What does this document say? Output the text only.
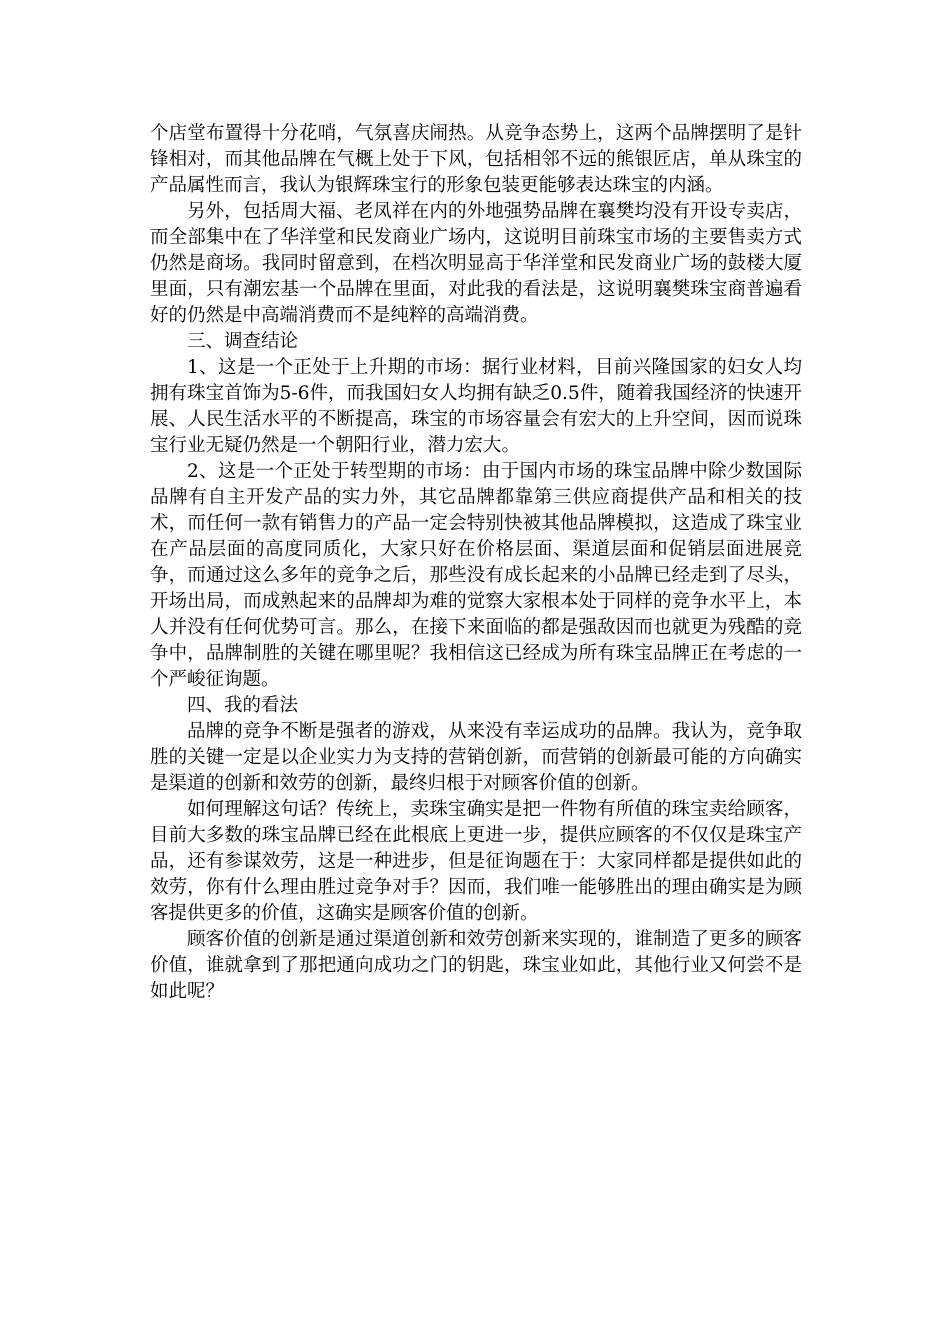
个店堂布置得十分花哨，气氛喜庆闹热。从竞争态势上，这两个品牌摆明了是针锋相对，而其他品牌在气概上处于下风，包括相邻不远的熊银匠店，单从珠宝的产品属性而言，我认为银辉珠宝行的形象包装更能够表达珠宝的内涵。

另外，包括周大福、老凤祥在内的外地强势品牌在襄樊均没有开设专卖店，而全部集中在了华洋堂和民发商业广场内，这说明目前珠宝市场的主要售卖方式仍然是商场。我同时留意到，在档次明显高于华洋堂和民发商业广场的鼓楼大厦里面，只有潮宏基一个品牌在里面，对此我的看法是，这说明襄樊珠宝商普遍看好的仍然是中高端消费而不是纯粹的高端消费。

三、调查结论

1、这是一个正处于上升期的市场：据行业材料，目前兴隆国家的妇女人均拥有珠宝首饰为5-6件，而我国妇女人均拥有缺乏0.5件，随着我国经济的快速开展、人民生活水平的不断提高，珠宝的市场容量会有宏大的上升空间，因而说珠宝行业无疑仍然是一个朝阳行业，潜力宏大。

2、这是一个正处于转型期的市场：由于国内市场的珠宝品牌中除少数国际品牌有自主开发产品的实力外，其它品牌都靠第三供应商提供产品和相关的技术，而任何一款有销售力的产品一定会特别快被其他品牌模拟，这造成了珠宝业在产品层面的高度同质化，大家只好在价格层面、渠道层面和促销层面进展竞争，而通过这么多年的竞争之后，那些没有成长起来的小品牌已经走到了尽头，开场出局，而成熟起来的品牌却为难的觉察大家根本处于同样的竞争水平上，本人并没有任何优势可言。那么，在接下来面临的都是强敌因而也就更为残酷的竞争中，品牌制胜的关键在哪里呢？我相信这已经成为所有珠宝品牌正在考虑的一个严峻征询题。

四、我的看法

品牌的竞争不断是强者的游戏，从来没有幸运成功的品牌。我认为，竞争取胜的关键一定是以企业实力为支持的营销创新，而营销的创新最可能的方向确实是渠道的创新和效劳的创新，最终归根于对顾客价值的创新。

如何理解这句话？传统上，卖珠宝确实是把一件物有所值的珠宝卖给顾客，目前大多数的珠宝品牌已经在此根底上更进一步，提供应顾客的不仅仅是珠宝产品，还有参谋效劳，这是一种进步，但是征询题在于：大家同样都是提供如此的效劳，你有什么理由胜过竞争对手？因而，我们唯一能够胜出的理由确实是为顾客提供更多的价值，这确实是顾客价值的创新。

顾客价值的创新是通过渠道创新和效劳创新来实现的，谁制造了更多的顾客价值，谁就拿到了那把通向成功之门的钥匙，珠宝业如此，其他行业又何尝不是如此呢？
